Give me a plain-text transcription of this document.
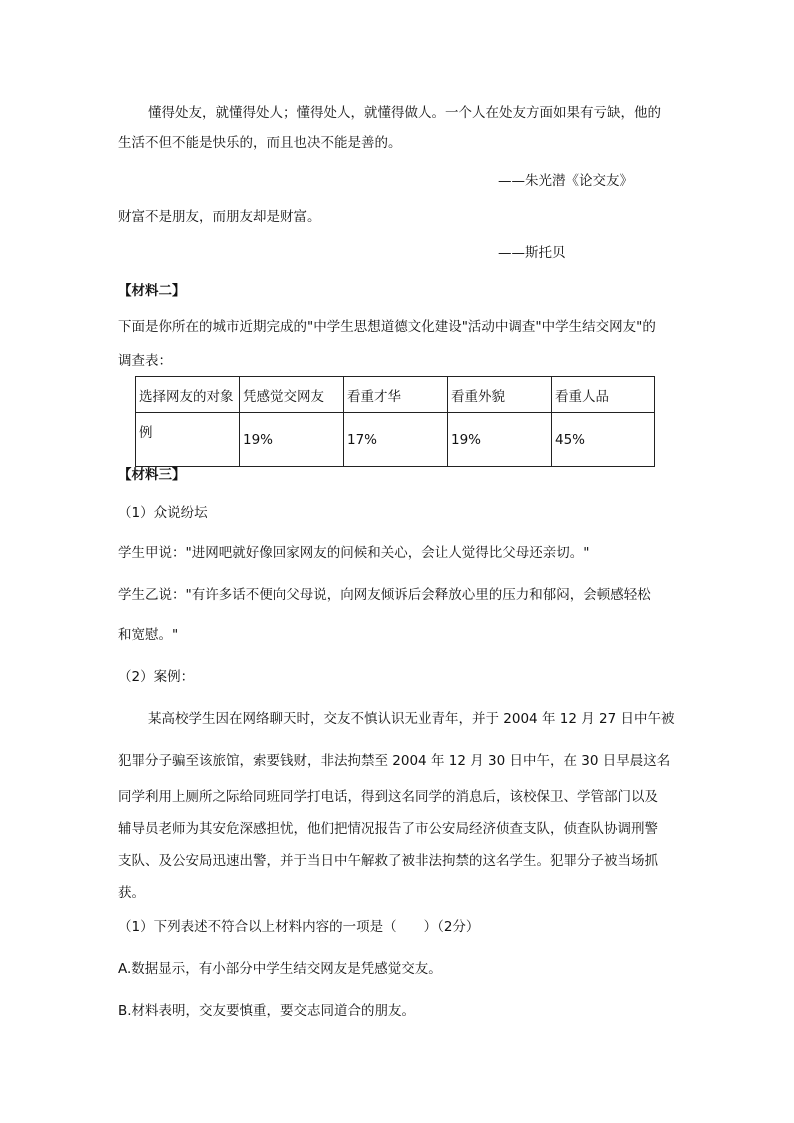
懂得处友，就懂得处人；懂得处人，就懂得做人。一个人在处友方面如果有亏缺，他的
生活不但不能是快乐的，而且也决不能是善的。
——朱光潜《论交友》
财富不是朋友，而朋友却是财富。
——斯托贝
【材料二】
下面是你所在的城市近期完成的"中学生思想道德文化建设"活动中调查"中学生结交网友"的
调查表：
选择网友的对象	凭感觉交网友	看重才华	看重外貌	看重人品
例	19%	17%	19%	45%
【材料三】
（1）众说纷坛
学生甲说："进网吧就好像回家网友的问候和关心，会让人觉得比父母还亲切。"
学生乙说："有许多话不便向父母说，向网友倾诉后会释放心里的压力和郁闷，会顿感轻松
和宽慰。"
（2）案例：
某高校学生因在网络聊天时，交友不慎认识无业青年，并于 2004 年 12 月 27 日中午被
犯罪分子骗至该旅馆，索要钱财，非法拘禁至 2004 年 12 月 30 日中午，在 30 日早晨这名
同学利用上厕所之际给同班同学打电话，得到这名同学的消息后，该校保卫、学管部门以及
辅导员老师为其安危深感担忧，他们把情况报告了市公安局经济侦查支队，侦查队协调刑警
支队、及公安局迅速出警，并于当日中午解救了被非法拘禁的这名学生。犯罪分子被当场抓
获。
（1）下列表述不符合以上材料内容的一项是（　　）（2分）
A.数据显示，有小部分中学生结交网友是凭感觉交友。
B.材料表明，交友要慎重，要交志同道合的朋友。
